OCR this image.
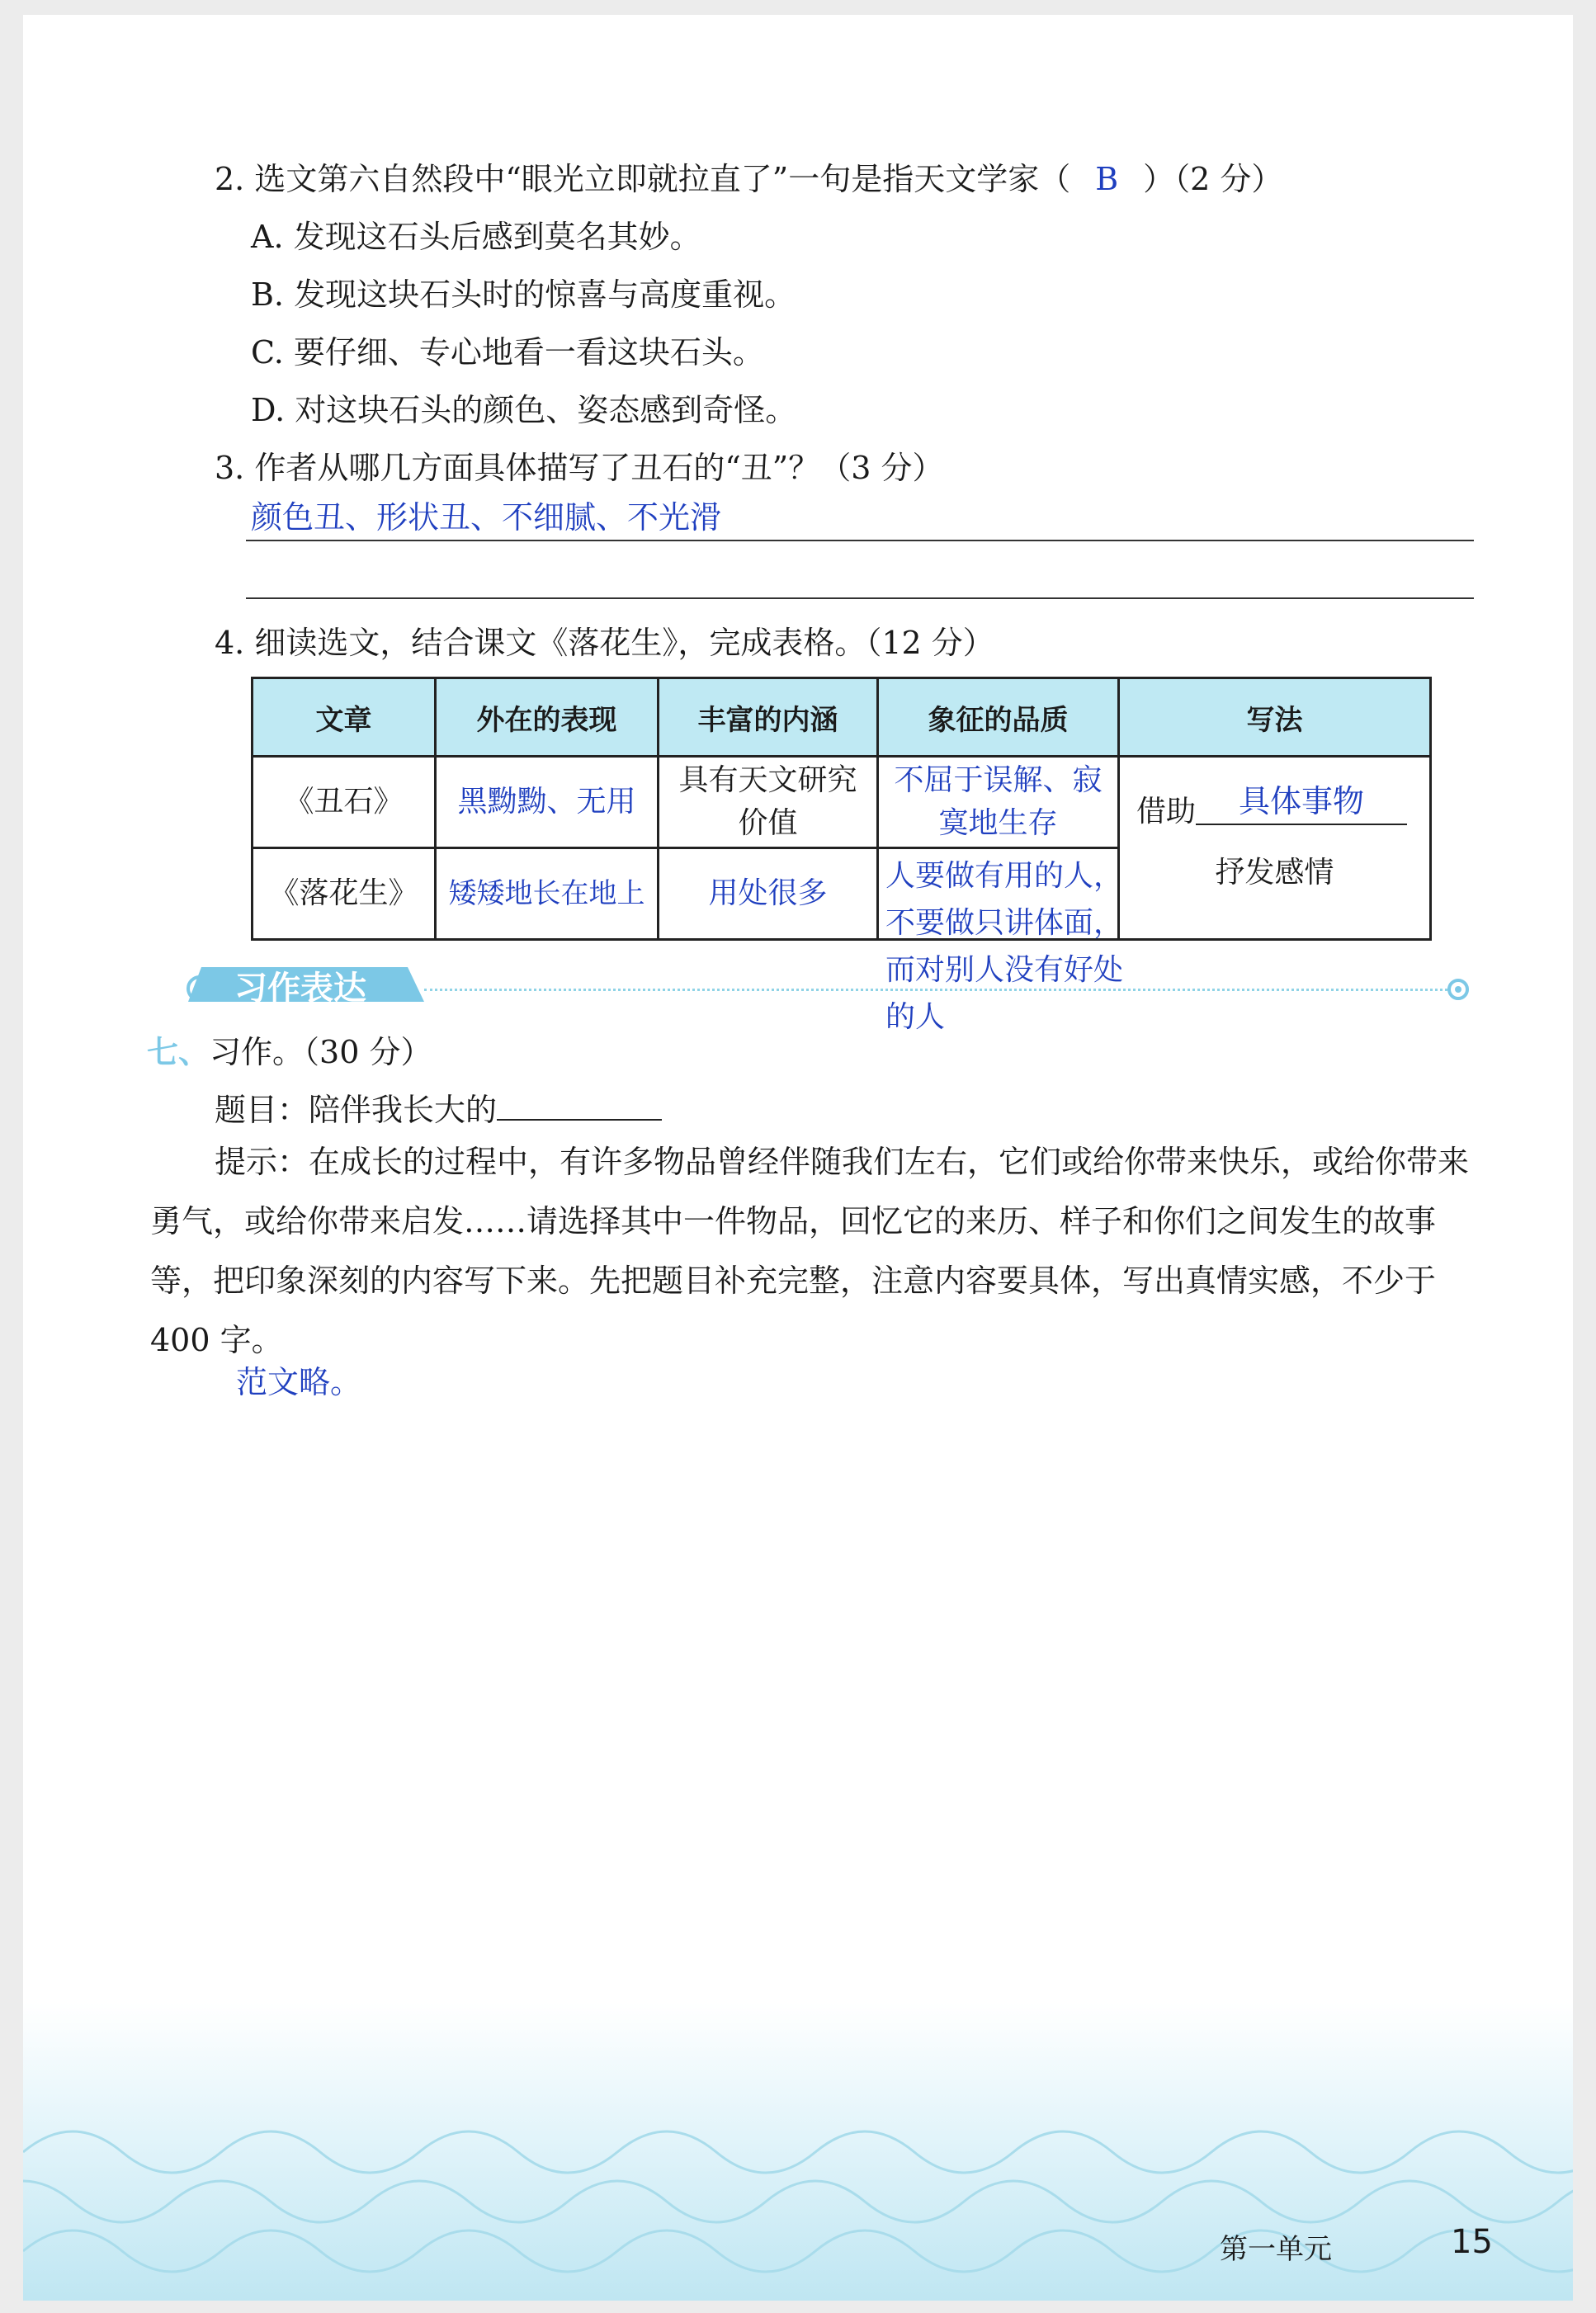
2. 选文第六自然段中“眼光立即就拉直了”一句是指天文学家（ B ）（2 分）
A. 发现这石头后感到莫名其妙。
B. 发现这块石头时的惊喜与高度重视。
C. 要仔细、专心地看一看这块石头。
D. 对这块石头的颜色、姿态感到奇怪。
3. 作者从哪几方面具体描写了丑石的“丑”？（3 分）
颜色丑、形状丑、不细腻、不光滑
4. 细读选文，结合课文《落花生》，完成表格。（12 分）
文章	外在的表现	丰富的内涵	象征的品质	写法
《丑石》	黑黝黝、无用	具有天文研究价值	不屈于误解、寂寞地生存	借助 具体事物
抒发感情

《落花生》	矮矮地长在地上	用处很多	人要做有用的人，不要做只讲体面，而对别人没有好处的人	
习作表达
七、习作。（30 分）
题目：陪伴我长大的
提示：在成长的过程中，有许多物品曾经伴随我们左右，它们或给你带来快乐，或给你带来勇气，或给你带来启发……请选择其中一件物品，回忆它的来历、样子和你们之间发生的故事等，把印象深刻的内容写下来。先把题目补充完整，注意内容要具体，写出真情实感，不少于 400 字。
范文略。
第一单元	15
